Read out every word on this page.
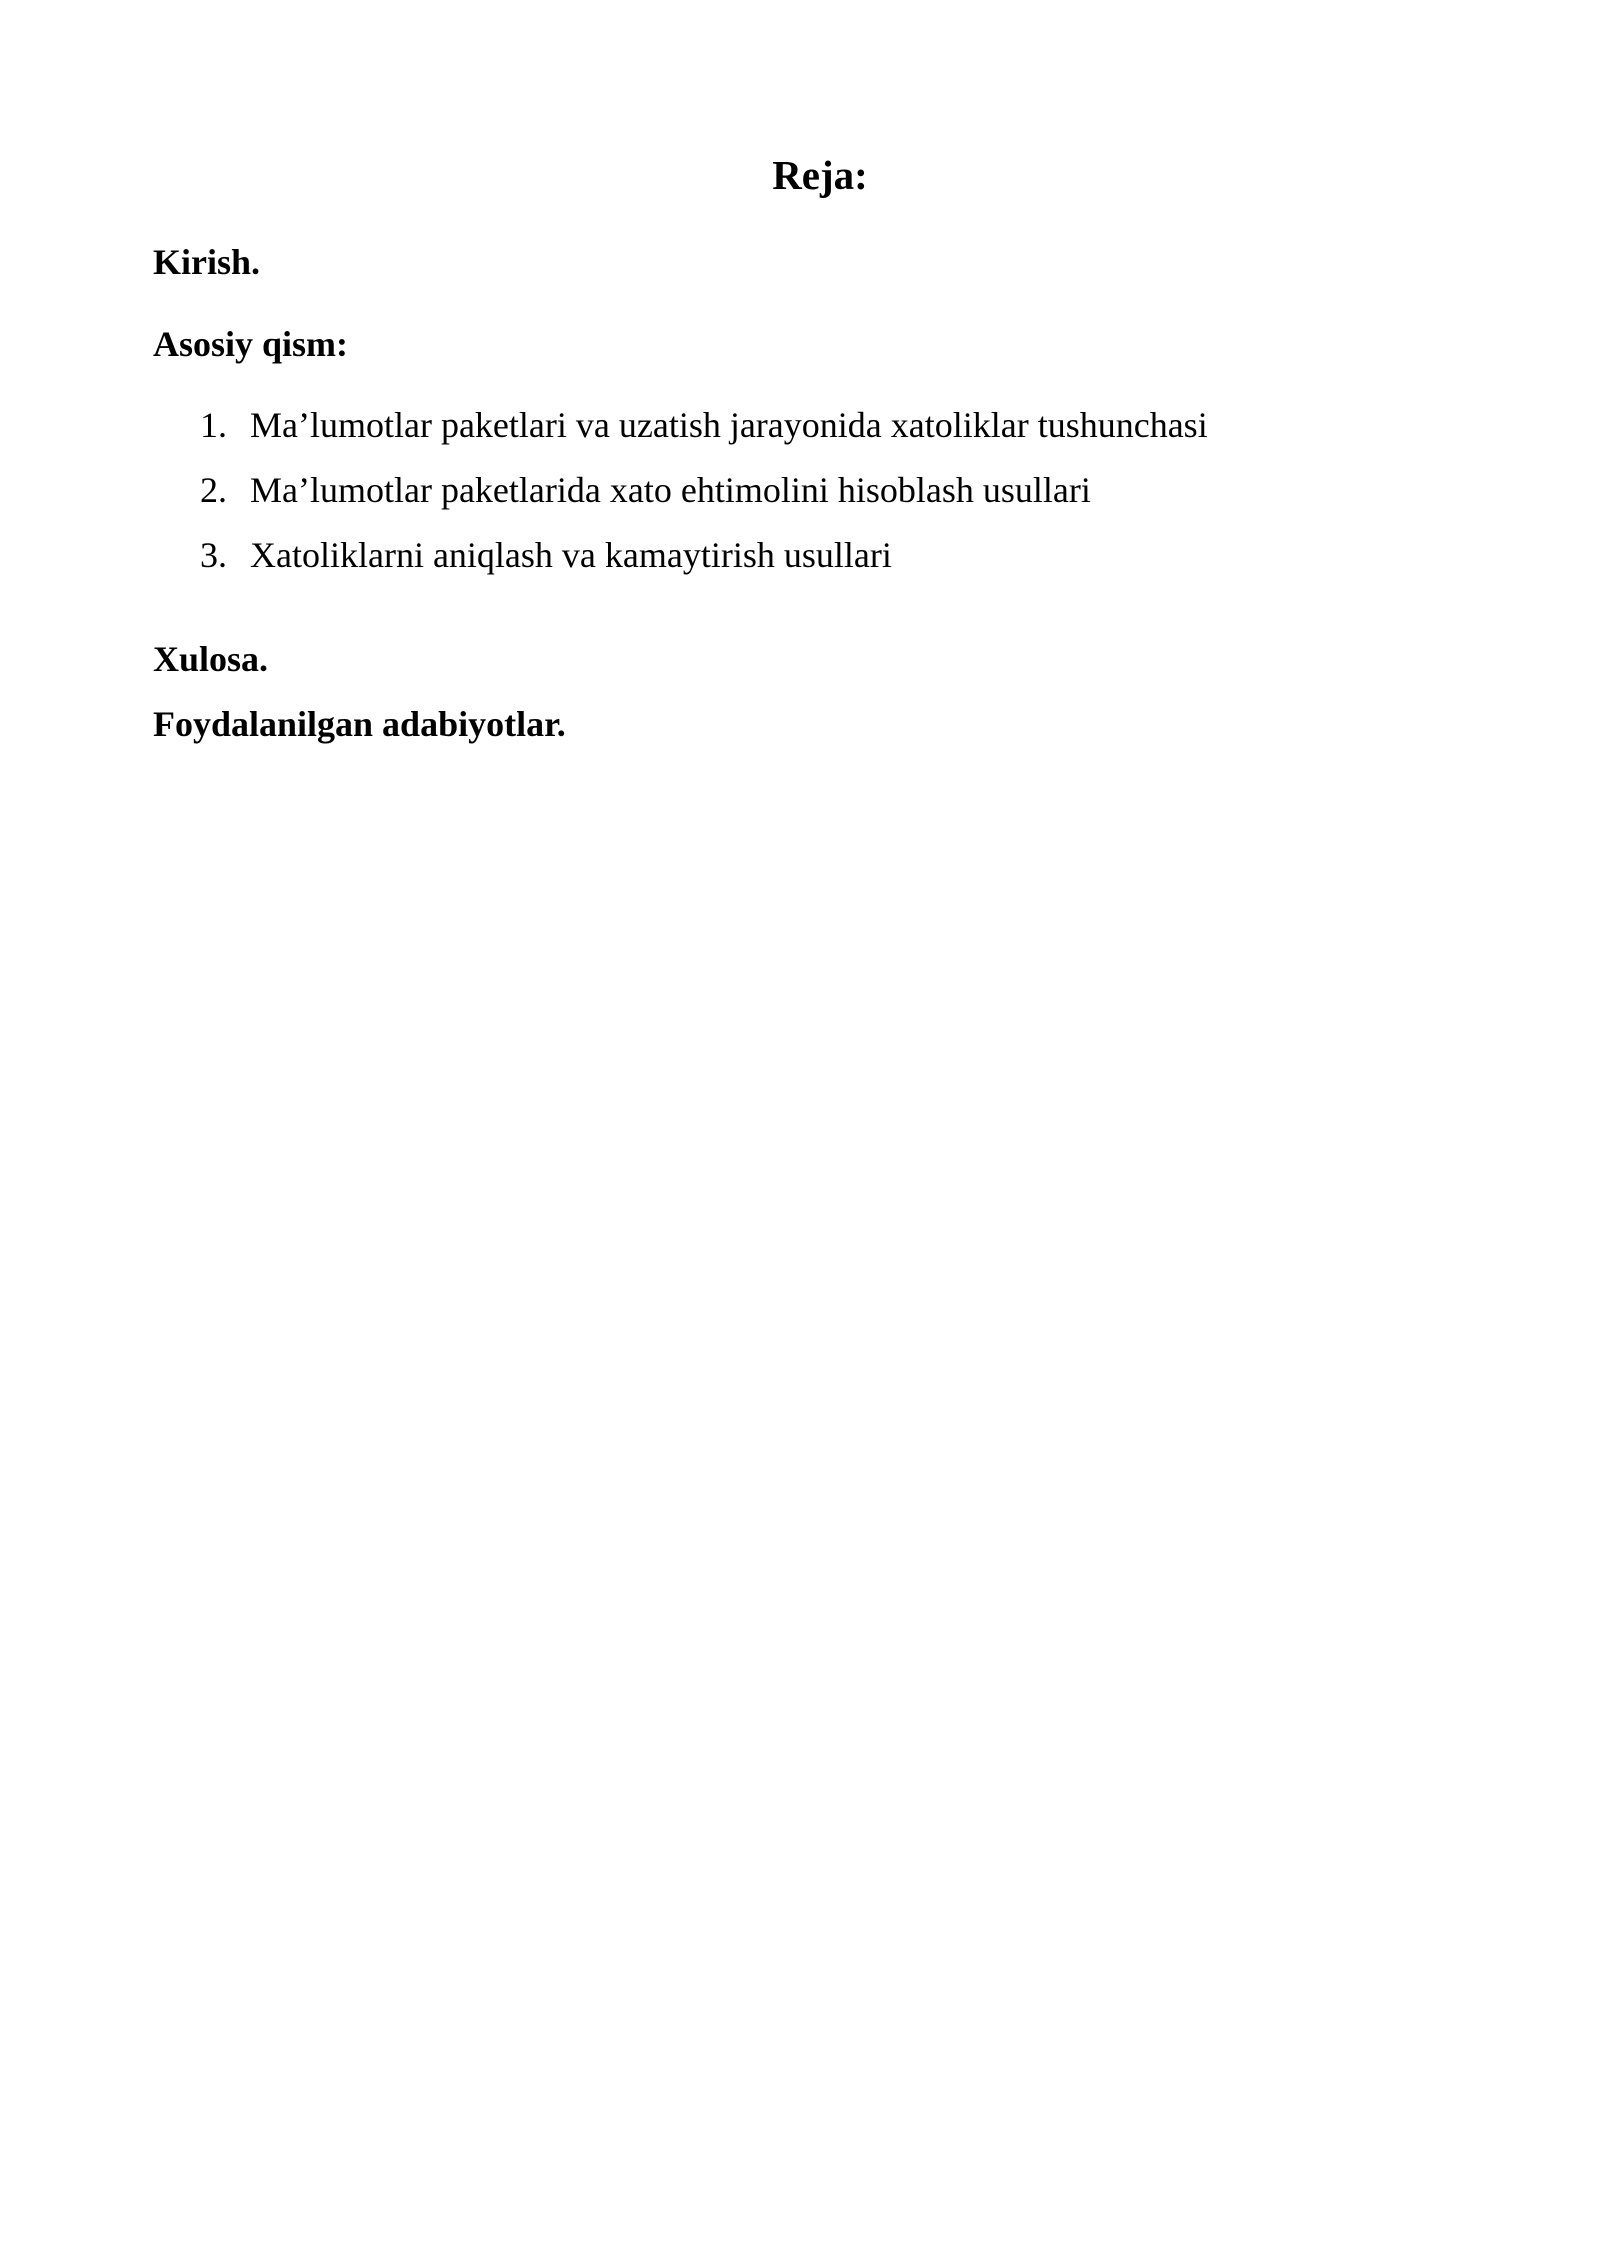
Reja:
Kirish.
Asosiy qism:
1. Ma’lumotlar paketlari va uzatish jarayonida xatoliklar tushunchasi
2. Ma’lumotlar paketlarida xato ehtimolini hisoblash usullari
3. Xatoliklarni aniqlash va kamaytirish usullari
Xulosa.
Foydalanilgan adabiyotlar.
